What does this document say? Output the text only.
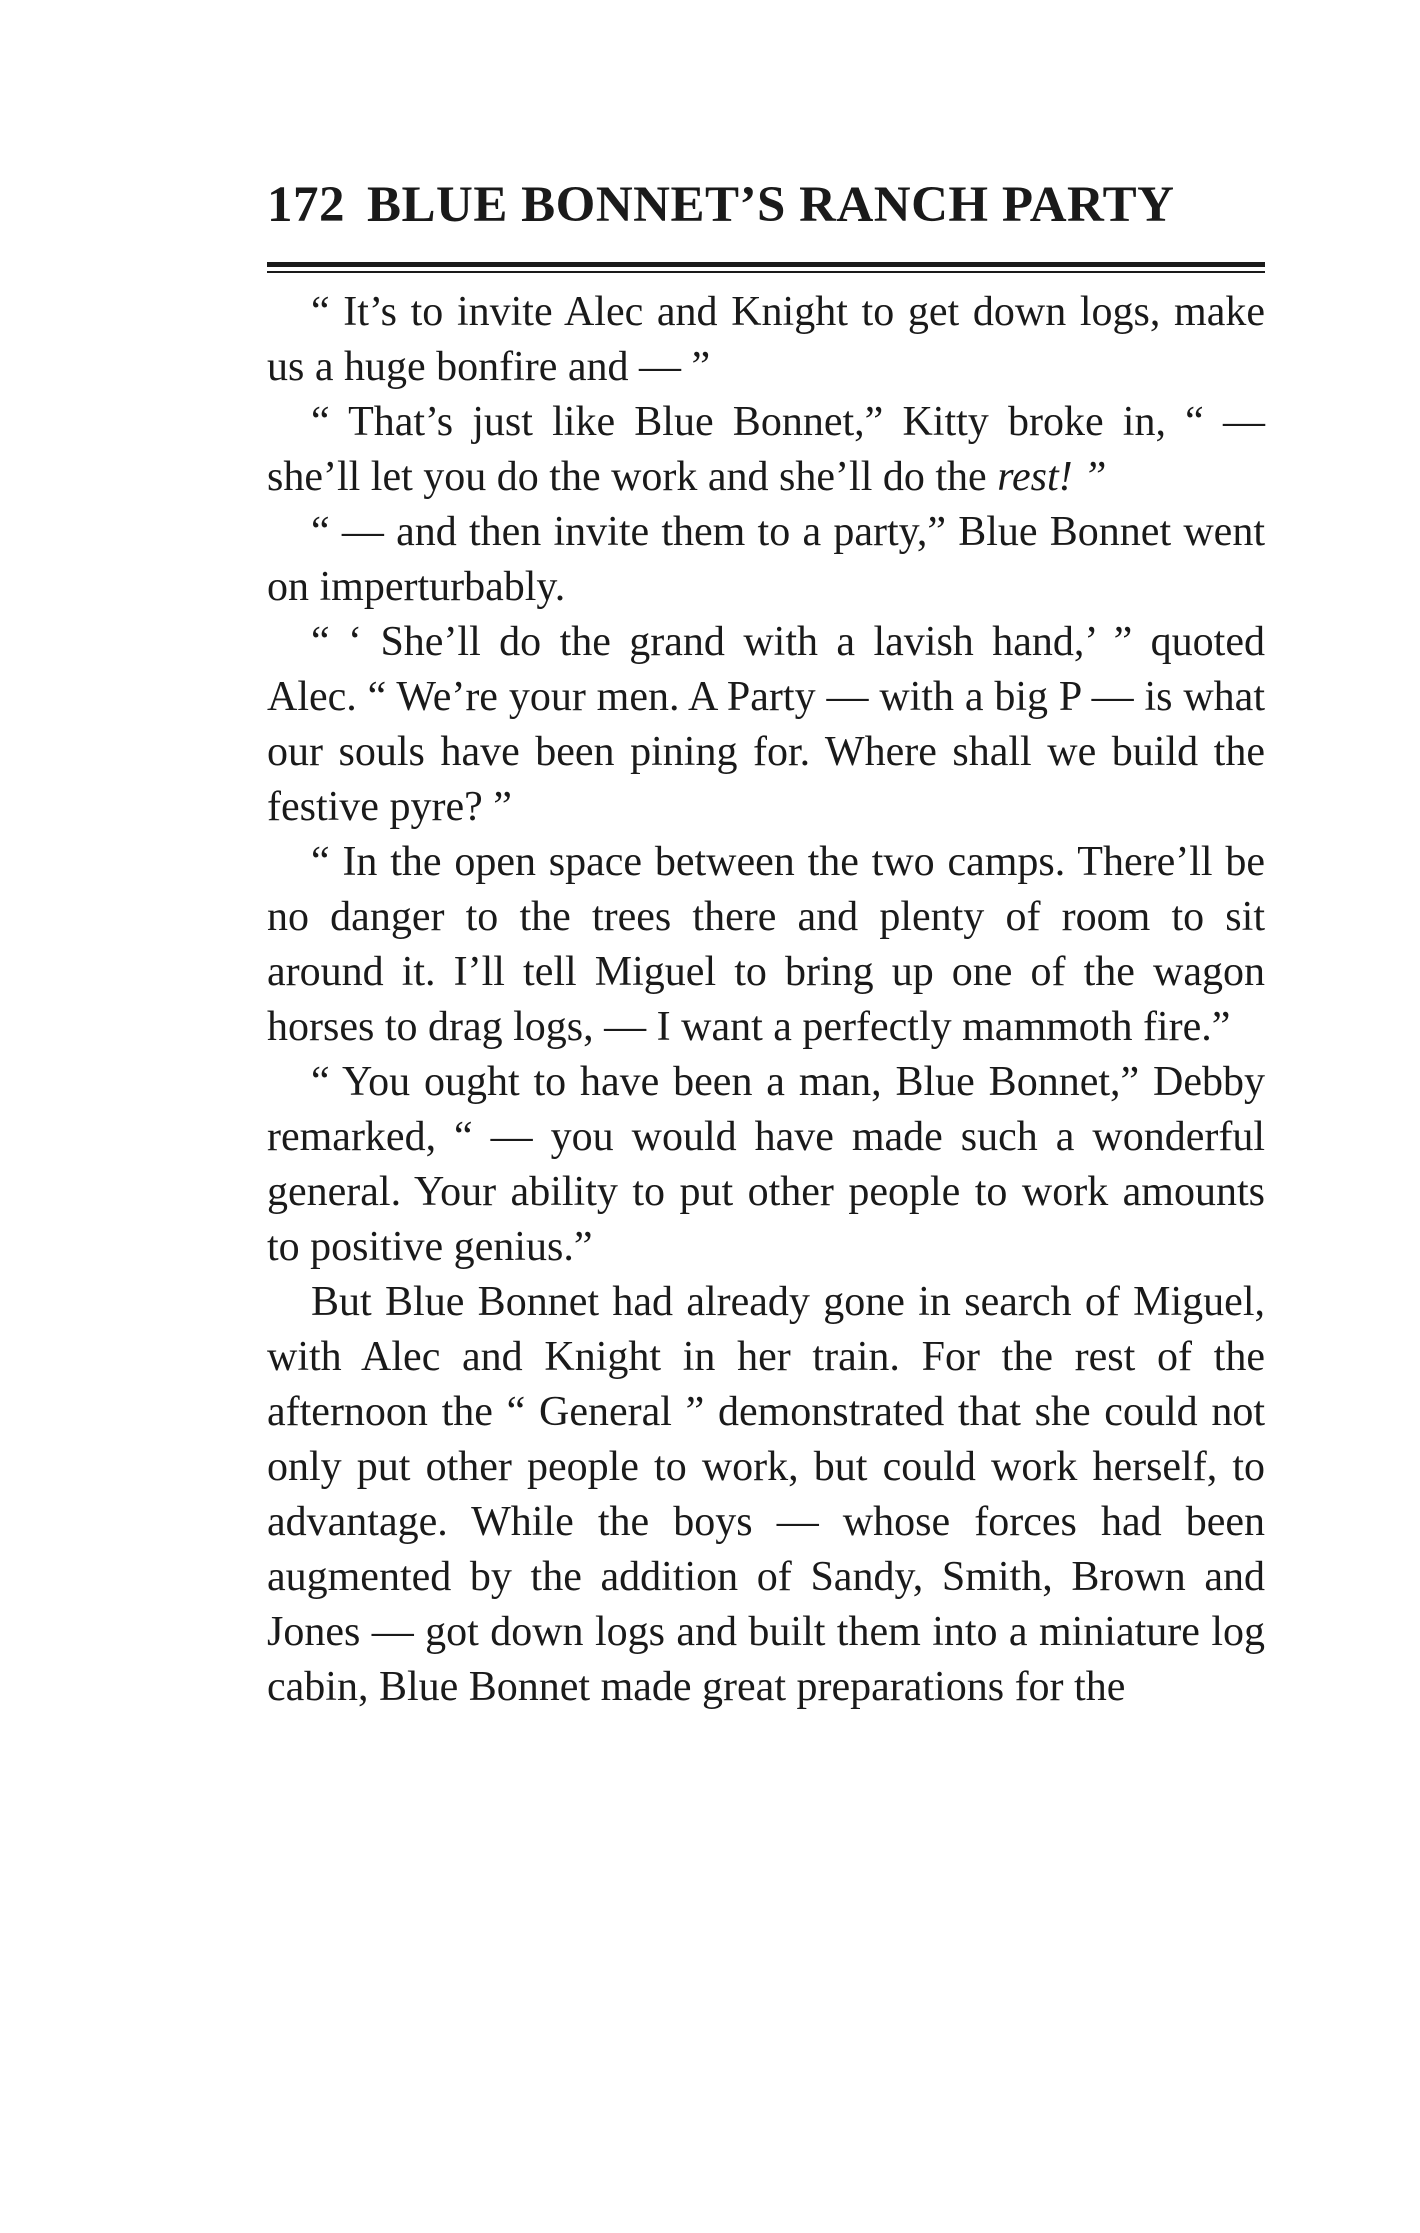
172 BLUE BONNET’S RANCH PARTY

“ It’s to invite Alec and Knight to get down logs, make us a huge bonfire and — ”

“ That’s just like Blue Bonnet,” Kitty broke in, “ — she’ll let you do the work and she’ll do the rest! ”

“ — and then invite them to a party,” Blue Bonnet went on imperturbably.

“ ‘ She’ll do the grand with a lavish hand,’ ” quoted Alec. “ We’re your men. A Party — with a big P — is what our souls have been pining for. Where shall we build the festive pyre? ”

“ In the open space between the two camps. There’ll be no danger to the trees there and plenty of room to sit around it. I’ll tell Miguel to bring up one of the wagon horses to drag logs, — I want a perfectly mammoth fire.”

“ You ought to have been a man, Blue Bonnet,” Debby remarked, “ — you would have made such a wonderful general. Your ability to put other people to work amounts to positive genius.”

But Blue Bonnet had already gone in search of Miguel, with Alec and Knight in her train. For the rest of the afternoon the “ General ” demonstrated that she could not only put other people to work, but could work herself, to advantage. While the boys — whose forces had been augmented by the addition of Sandy, Smith, Brown and Jones — got down logs and built them into a miniature log cabin, Blue Bonnet made great preparations for the
